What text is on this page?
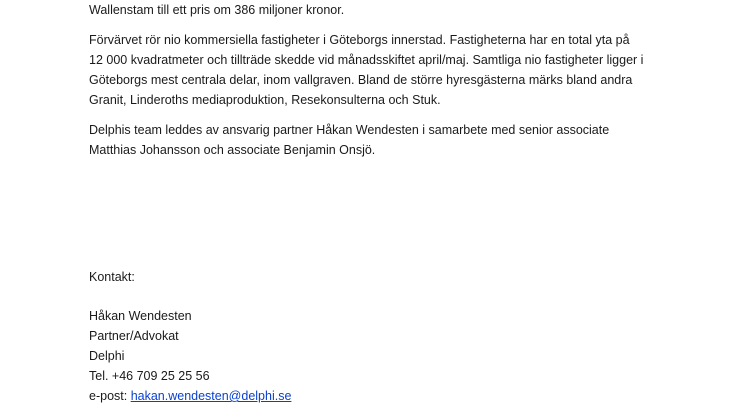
Wallenstam till ett pris om 386 miljoner kronor.
Förvärvet rör nio kommersiella fastigheter i Göteborgs innerstad. Fastigheterna har en total yta på
12 000 kvadratmeter och tillträde skedde vid månadsskiftet april/maj. Samtliga nio fastigheter ligger i
Göteborgs mest centrala delar, inom vallgraven. Bland de större hyresgästerna märks bland andra
Granit, Linderoths mediaproduktion, Resekonsulterna och Stuk.
Delphis team leddes av ansvarig partner Håkan Wendesten i samarbete med senior associate
Matthias Johansson och associate Benjamin Onsjö.
Kontakt:
Håkan Wendesten
Partner/Advokat
Delphi
Tel. +46 709 25 25 56
e-post: hakan.wendesten@delphi.se
